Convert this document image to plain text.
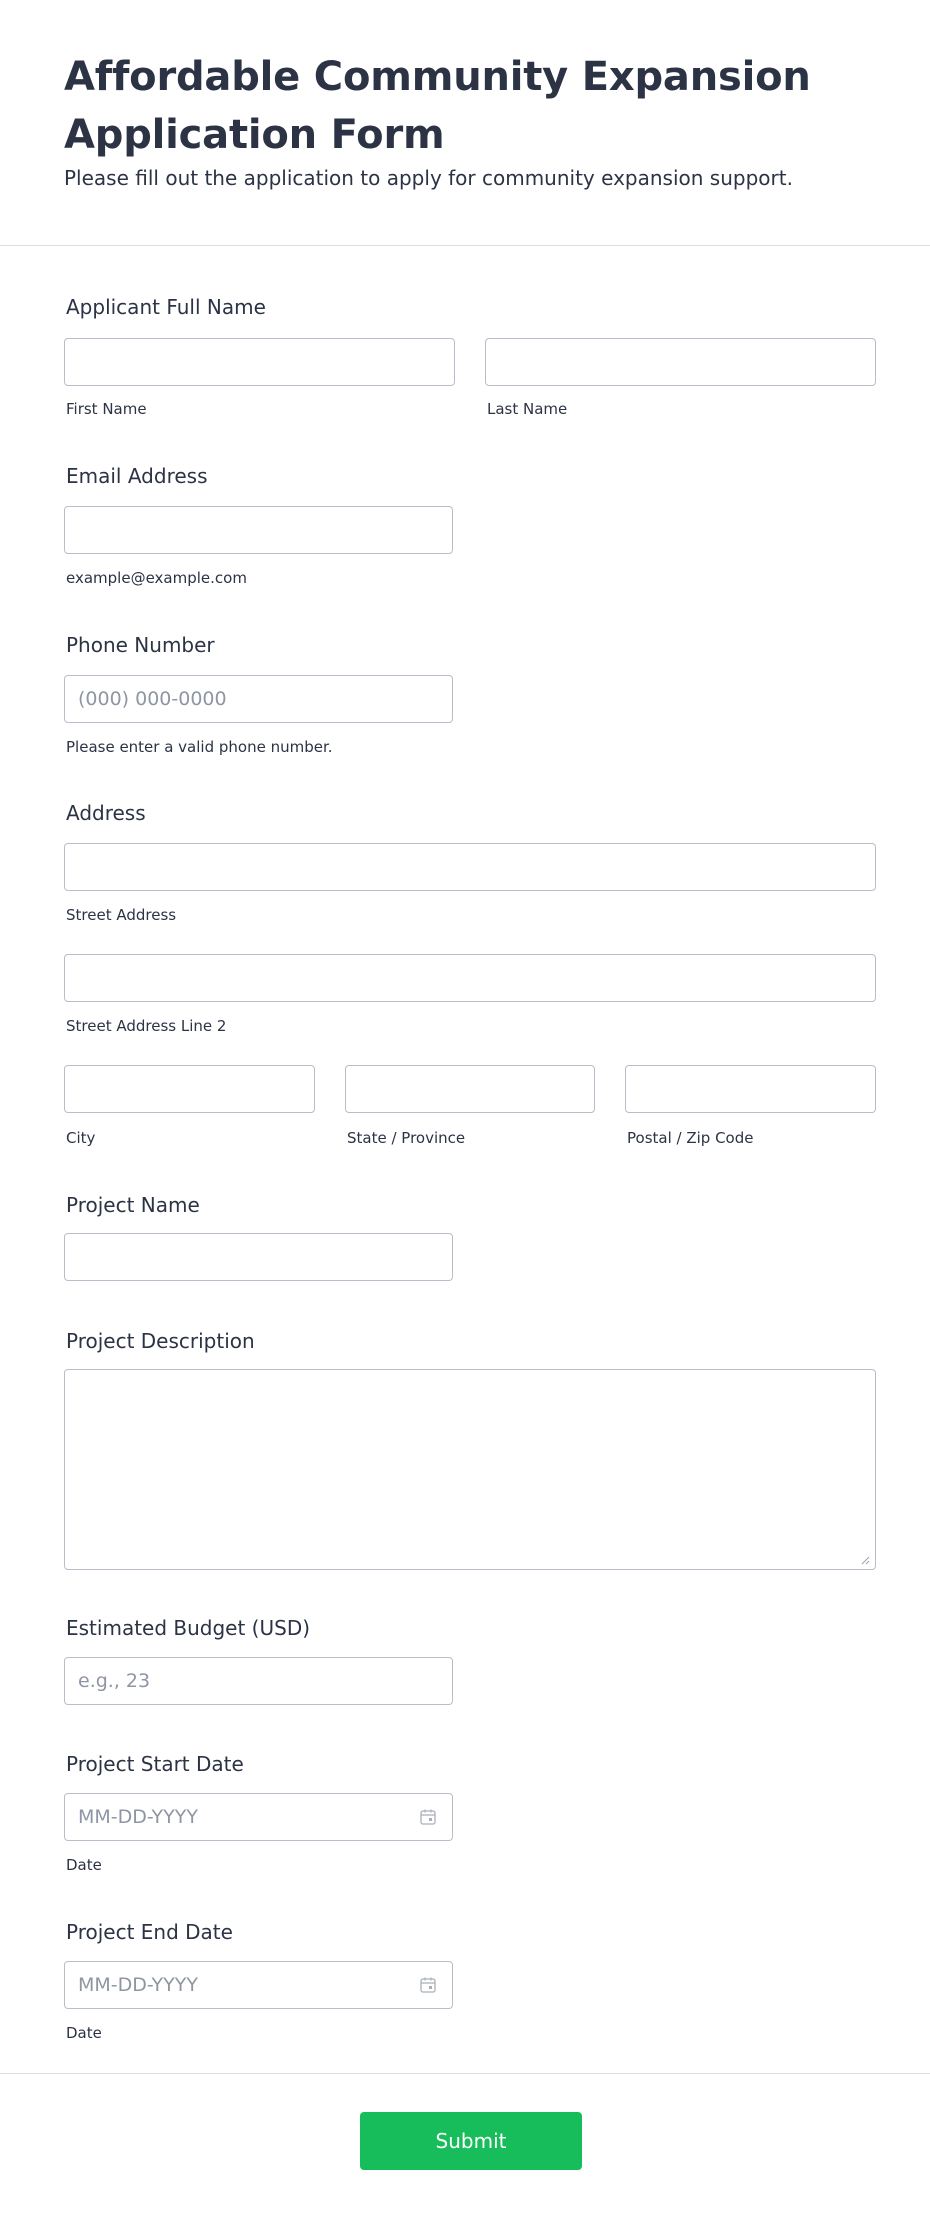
Affordable Community Expansion Application Form
Please fill out the application to apply for community expansion support.
Applicant Full Name
First Name	Last Name
Email Address
example@example.com
Phone Number
(000) 000-0000
Please enter a valid phone number.
Address
Street Address
Street Address Line 2
City	State / Province	Postal / Zip Code
Project Name
Project Description
Estimated Budget (USD)
e.g., 23
Project Start Date
MM-DD-YYYY
Date
Project End Date
MM-DD-YYYY
Date
Submit
